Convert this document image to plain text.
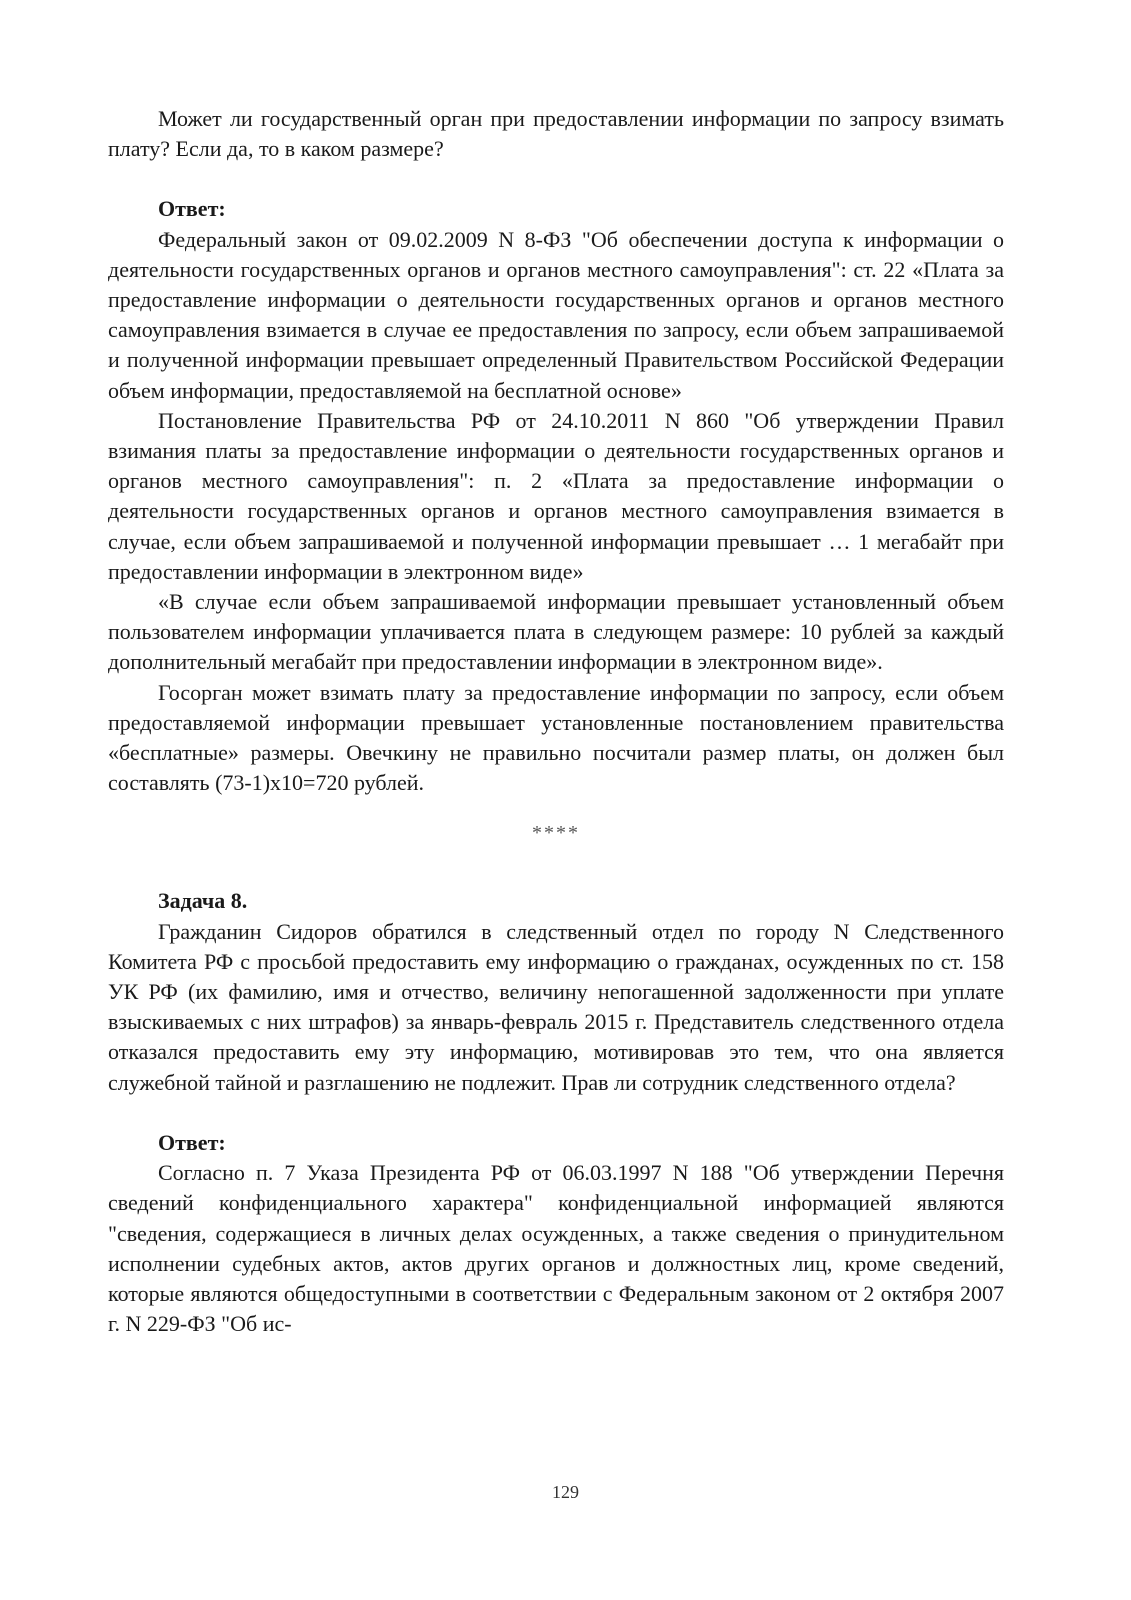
Может ли государственный орган при предоставлении информации по запросу взимать плату? Если да, то в каком размере?

Ответ:

Федеральный закон от 09.02.2009 N 8-ФЗ "Об обеспечении доступа к информации о деятельности государственных органов и органов местного самоуправления": ст. 22 «Плата за предоставление информации о деятельности государственных органов и органов местного самоуправления взимается в случае ее предоставления по запросу, если объем запрашиваемой и полученной информации превышает определенный Правительством Российской Федерации объем информации, предоставляемой на бесплатной основе»

Постановление Правительства РФ от 24.10.2011 N 860 "Об утверждении Правил взимания платы за предоставление информации о деятельности государственных органов и органов местного самоуправления": п. 2 «Плата за предоставление информации о деятельности государственных органов и органов местного самоуправления взимается в случае, если объем запрашиваемой и полученной информации превышает … 1 мегабайт при предоставлении информации в электронном виде»

«В случае если объем запрашиваемой информации превышает установленный объем пользователем информации уплачивается плата в следующем размере: 10 рублей за каждый дополнительный мегабайт при предоставлении информации в электронном виде».

Госорган может взимать плату за предоставление информации по запросу, если объем предоставляемой информации превышает установленные постановлением правительства «бесплатные» размеры. Овечкину не правильно посчитали размер платы, он должен был составлять (73-1)х10=720 рублей.

****
Задача 8.

Гражданин Сидоров обратился в следственный отдел по городу N Следственного Комитета РФ с просьбой предоставить ему информацию о гражданах, осужденных по ст. 158 УК РФ (их фамилию, имя и отчество, величину непогашенной задолженности при уплате взыскиваемых с них штрафов) за январь-февраль 2015 г. Представитель следственного отдела отказался предоставить ему эту информацию, мотивировав это тем, что она является служебной тайной и разглашению не подлежит. Прав ли сотрудник следственного отдела?

Ответ:

Согласно п. 7 Указа Президента РФ от 06.03.1997 N 188 "Об утверждении Перечня сведений конфиденциального характера" конфиденциальной информацией являются "сведения, содержащиеся в личных делах осужденных, а также сведения о принудительном исполнении судебных актов, актов других органов и должностных лиц, кроме сведений, которые являются общедоступными в соответствии с Федеральным законом от 2 октября 2007 г. N 229-ФЗ "Об ис-

129
